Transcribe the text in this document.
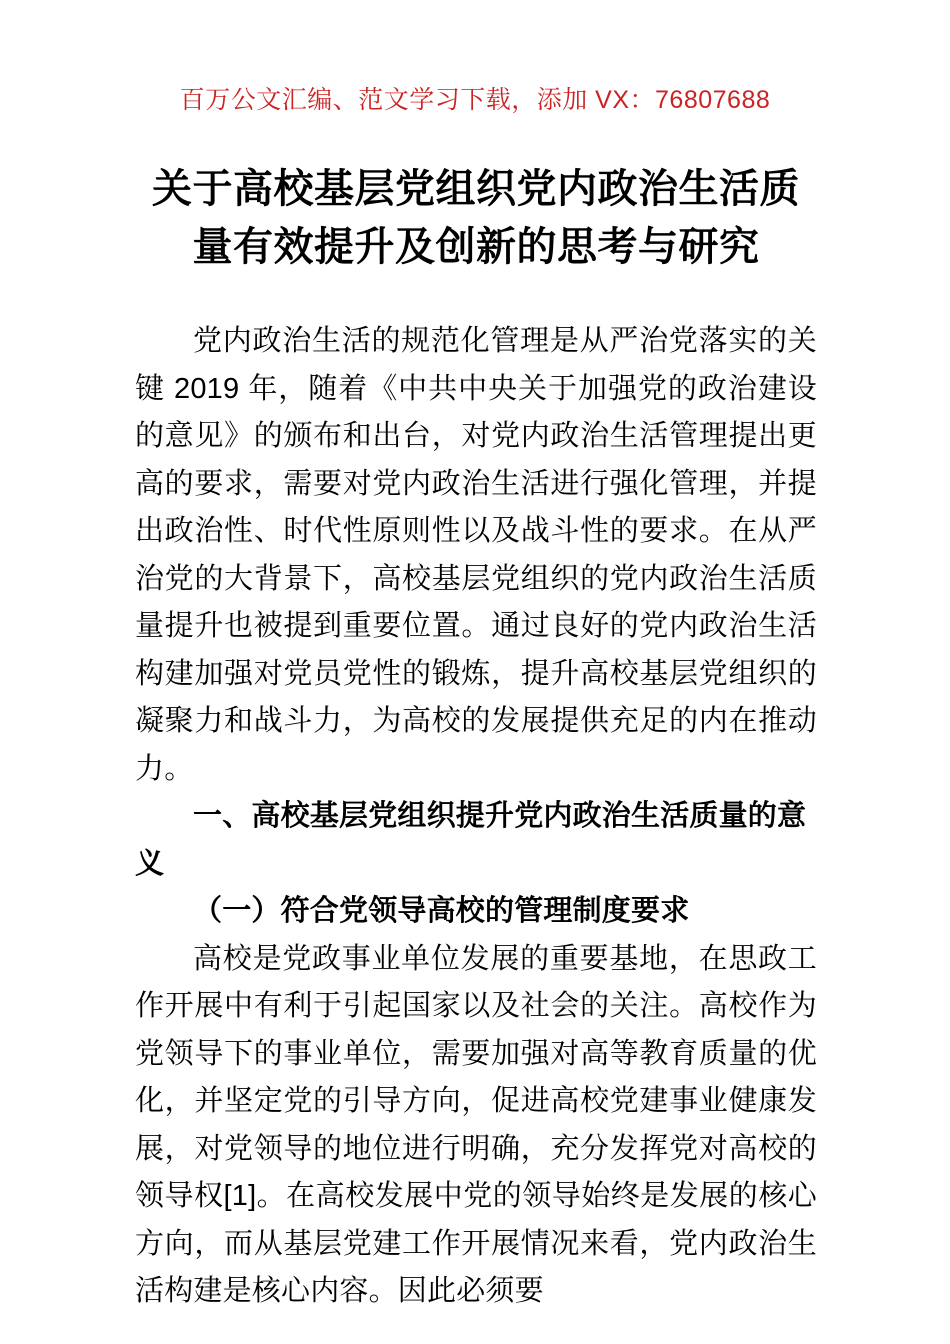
百万公文汇编、范文学习下载，添加 VX：76807688
关于高校基层党组织党内政治生活质量有效提升及创新的思考与研究

党内政治生活的规范化管理是从严治党落实的关键 2019 年，随着《中共中央关于加强党的政治建设的意见》的颁布和出台，对党内政治生活管理提出更高的要求，需要对党内政治生活进行强化管理，并提出政治性、时代性原则性以及战斗性的要求。在从严治党的大背景下，高校基层党组织的党内政治生活质量提升也被提到重要位置。通过良好的党内政治生活构建加强对党员党性的锻炼，提升高校基层党组织的凝聚力和战斗力，为高校的发展提供充足的内在推动力。

一、高校基层党组织提升党内政治生活质量的意义

（一）符合党领导高校的管理制度要求

高校是党政事业单位发展的重要基地，在思政工作开展中有利于引起国家以及社会的关注。高校作为党领导下的事业单位，需要加强对高等教育质量的优化，并坚定党的引导方向，促进高校党建事业健康发展，对党领导的地位进行明确，充分发挥党对高校的领导权[1]。在高校发展中党的领导始终是发展的核心方向，而从基层党建工作开展情况来看，党内政治生活构建是核心内容。因此必须要
